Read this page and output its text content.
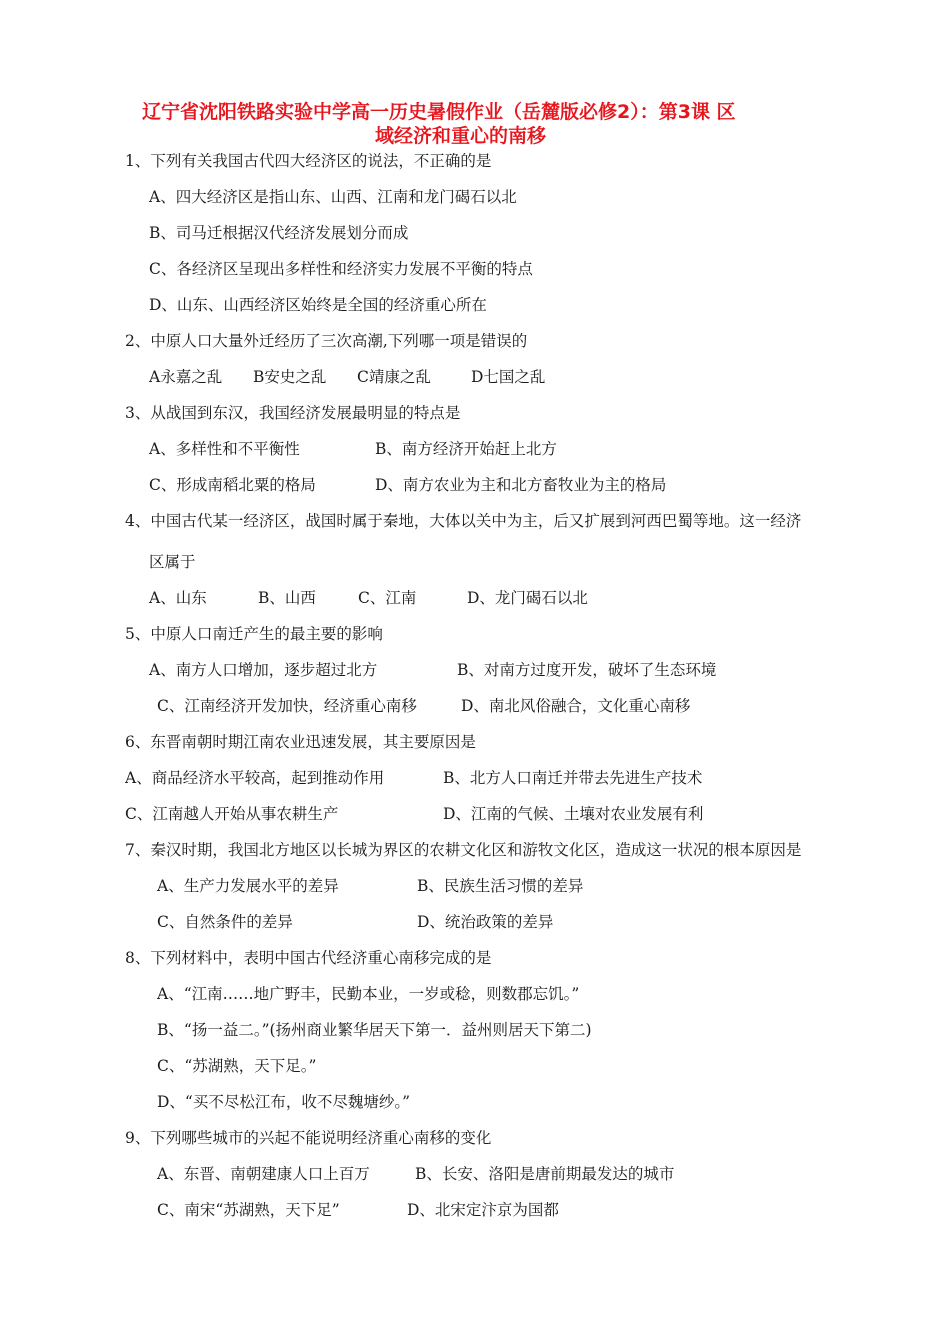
辽宁省沈阳铁路实验中学高一历史暑假作业（岳麓版必修2）：第3课 区
域经济和重心的南移
1、下列有关我国古代四大经济区的说法，不正确的是
A、四大经济区是指山东、山西、江南和龙门碣石以北
B、司马迁根据汉代经济发展划分而成
C、各经济区呈现出多样性和经济实力发展不平衡的特点
D、山东、山西经济区始终是全国的经济重心所在
2、中原人口大量外迁经历了三次高潮,下列哪一项是错误的
A永嘉之乱 B安史之乱 C靖康之乱	D七国之乱
3、从战国到东汉，我国经济发展最明显的特点是
A、多样性和不平衡性	B、南方经济开始赶上北方
C、形成南稻北粟的格局	D、南方农业为主和北方畜牧业为主的格局
4、中国古代某一经济区，战国时属于秦地，大体以关中为主，后又扩展到河西巴蜀等地。这一经济
区属于
A、山东	B、山西	C、江南	D、龙门碣石以北
5、中原人口南迁产生的最主要的影响
A、南方人口增加，逐步超过北方	B、对南方过度开发，破坏了生态环境
C、江南经济开发加快，经济重心南移	D、南北风俗融合，文化重心南移
6、东晋南朝时期江南农业迅速发展，其主要原因是
A、商品经济水平较高，起到推动作用	B、北方人口南迁并带去先进生产技术
C、江南越人开始从事农耕生产	D、江南的气候、土壤对农业发展有利
7、秦汉时期，我国北方地区以长城为界区的农耕文化区和游牧文化区，造成这一状况的根本原因是
A、生产力发展水平的差异	B、民族生活习惯的差异
C、自然条件的差异	D、统治政策的差异
8、下列材料中，表明中国古代经济重心南移完成的是
A、“江南……地广野丰，民勤本业，一岁或稔，则数郡忘饥。”
B、“扬一益二。”(扬州商业繁华居天下第一．益州则居天下第二)
C、“苏湖熟，天下足。”
D、“买不尽松江布，收不尽魏塘纱。”
9、下列哪些城市的兴起不能说明经济重心南移的变化
A、东晋、南朝建康人口上百万	B、长安、洛阳是唐前期最发达的城市
C、南宋“苏湖熟，天下足”	D、北宋定汴京为国都
